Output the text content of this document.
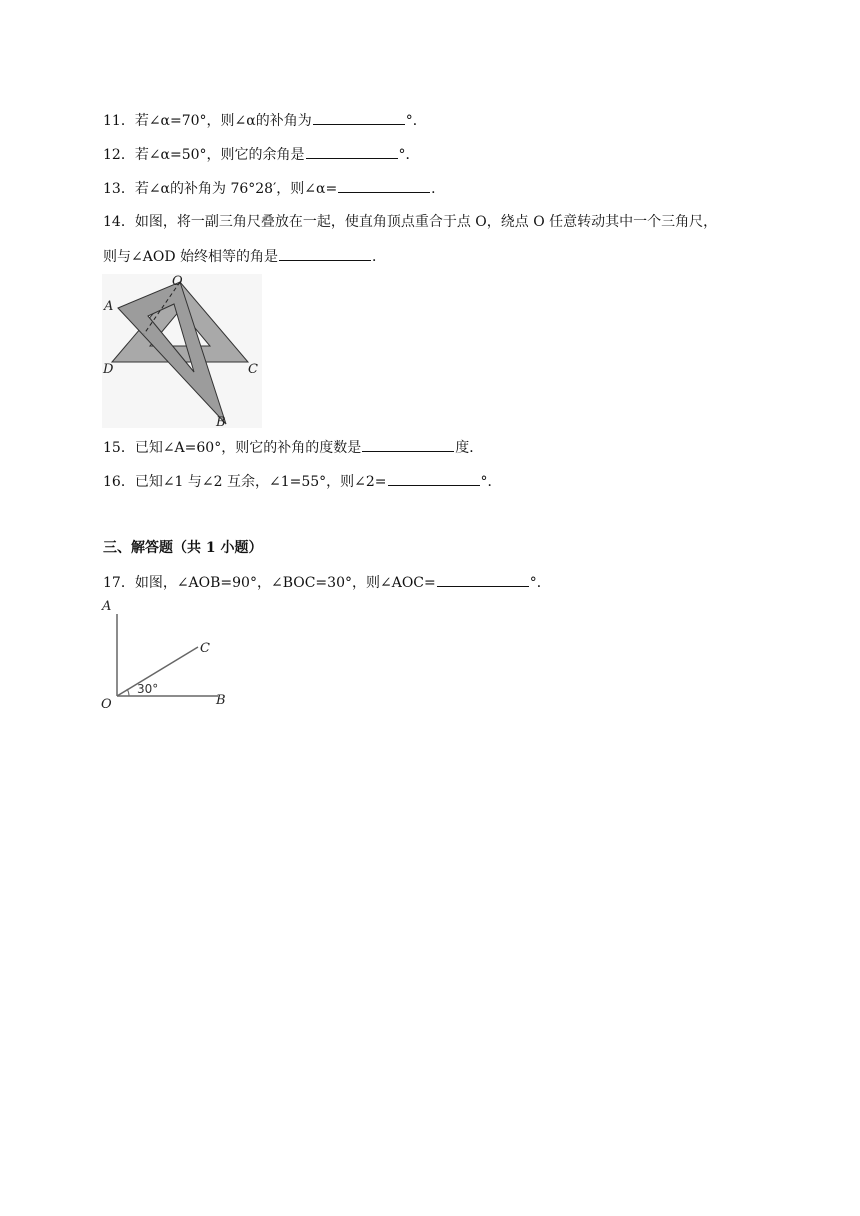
11．若∠α=70°，则∠α的补角为	°．
12．若∠α=50°，则它的余角是	°．
13．若∠α的补角为 76°28′，则∠α=	．
14．如图，将一副三角尺叠放在一起，使直角顶点重合于点 O，绕点 O 任意转动其中一个三角尺，
则与∠AOD 始终相等的角是	．
O
A
D	C
B
15．已知∠A=60°，则它的补角的度数是	度．
16．已知∠1 与∠2 互余，∠1=55°，则∠2=	°．
三、解答题（共 1 小题）
17．如图，∠AOB=90°，∠BOC=30°，则∠AOC=	°．
A
C
O	B
30°
